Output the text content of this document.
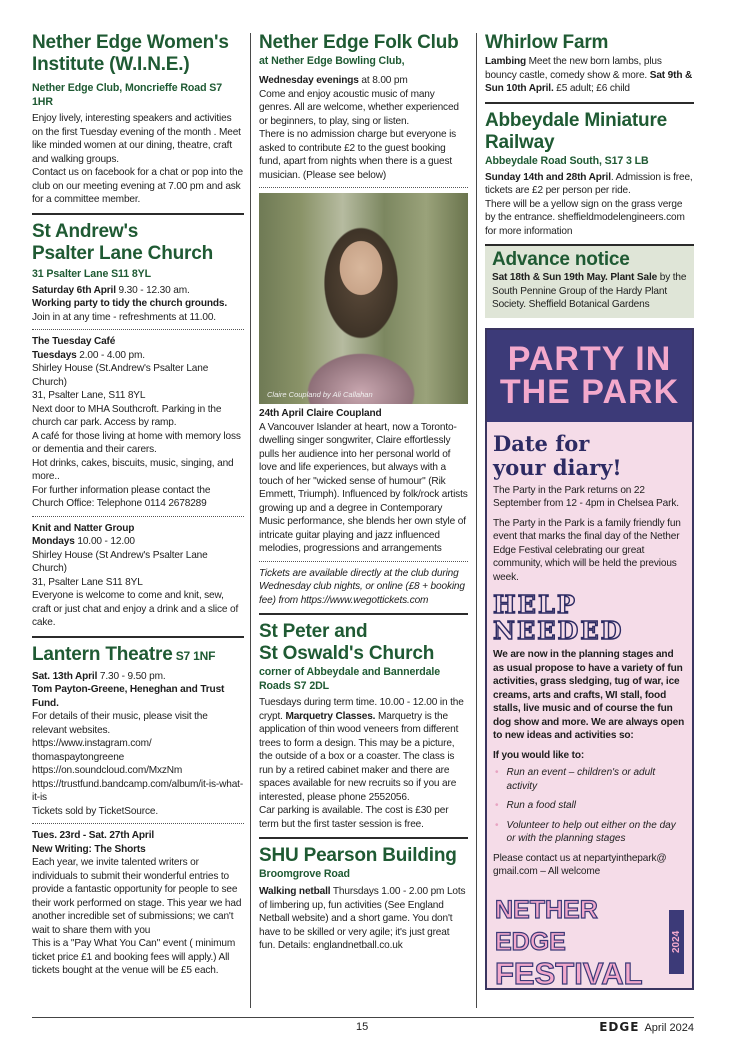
Nether Edge Women's Institute (W.I.N.E.)
Nether Edge Club, Moncrieffe Road S7 1HR
Enjoy lively, interesting speakers and activities on the first Tuesday evening of the month . Meet like minded women at our dining, theatre, craft and walking groups.
Contact us on facebook for a chat or pop into the club on our meeting evening at 7.00 pm and ask for a committee member.
St Andrew's
Psalter Lane Church
31 Psalter Lane S11 8YL
Saturday 6th April 9.30 - 12.30 am.
Working party to tidy the church grounds.
Join in at any time - refreshments at 11.00.
The Tuesday Café
Tuesdays 2.00 - 4.00 pm.
Shirley House (St.Andrew's Psalter Lane Church)
31, Psalter Lane, S11 8YL
Next door to MHA Southcroft. Parking in the church car park. Access by ramp.
A café for those living at home with memory loss or dementia and their carers.
Hot drinks, cakes, biscuits, music, singing, and more..
For further information please contact the Church Office: Telephone 0114 2678289
Knit and Natter Group
Mondays 10.00 - 12.00
Shirley House (St Andrew's Psalter Lane Church)
31, Psalter Lane S11 8YL
Everyone is welcome to come and knit, sew, craft or just chat and enjoy a drink and a slice of cake.
Lantern Theatre S7 1NF
Sat. 13th April 7.30 - 9.50 pm.
Tom Payton-Greene, Heneghan and Trust Fund.
For details of their music, please visit the relevant websites.
https://www.instagram.com/ thomaspaytongreene
https://on.soundcloud.com/MxzNm
https://trustfund.bandcamp.com/album/it-is-what-it-is
Tickets sold by TicketSource.
Tues. 23rd - Sat. 27th April
New Writing: The Shorts
Each year, we invite talented writers or individuals to submit their wonderful entries to provide a fantastic opportunity for people to see their work performed on stage. This year we had another incredible set of submissions; we can't wait to share them with you
This is a "Pay What You Can" event ( minimum ticket price £1 and booking fees will apply.) All tickets bought at the venue will be £5 each.
Nether Edge Folk Club
at Nether Edge Bowling Club,
Wednesday evenings at 8.00 pm
Come and enjoy acoustic music of many genres. All are welcome, whether experienced or beginners, to play, sing or listen.
There is no admission charge but everyone is asked to contribute £2 to the guest booking fund, apart from nights when there is a guest musician. (Please see below)
Claire Coupland by Ali Callahan
24th April Claire Coupland
A Vancouver Islander at heart, now a Toronto-dwelling singer songwriter, Claire effortlessly pulls her audience into her personal world of love and life experiences, but always with a touch of her "wicked sense of humour" (Rik Emmett, Triumph). Influenced by folk/rock artists growing up and a degree in Contemporary Music performance, she blends her own style of intricate guitar playing and jazz influenced melodies, progressions and arrangements
Tickets are available directly at the club during Wednesday club nights, or online (£8 + booking fee) from https://www.wegottickets.com
St Peter and
St Oswald's Church
corner of Abbeydale and Bannerdale Roads S7 2DL
Tuesdays during term time. 10.00 - 12.00 in the crypt. Marquetry Classes. Marquetry is the application of thin wood veneers from different trees to form a design. This may be a picture, the outside of a box or a coaster. The class is run by a retired cabinet maker and there are spaces available for new recruits so if you are interested, please phone 2552056.
Car parking is available. The cost is £30 per term but the first taster session is free.
SHU Pearson Building
Broomgrove Road
Walking netball Thursdays 1.00 - 2.00 pm Lots of limbering up, fun activities (See England Netball website) and a short game. You don't have to be skilled or very agile; it's just great fun. Details: englandnetball.co.uk
Whirlow Farm
Lambing Meet the new born lambs, plus bouncy castle, comedy show & more. Sat 9th & Sun 10th April. £5 adult; £6 child
Abbeydale Miniature Railway
Abbeydale Road South, S17 3 LB
Sunday 14th and 28th April. Admission is free, tickets are £2 per person per ride.
There will be a yellow sign on the grass verge by the entrance. sheffieldmodelengineers.com for more information
Advance notice
Sat 18th & Sun 19th May. Plant Sale by the South Pennine Group of the Hardy Plant Society. Sheffield Botanical Gardens
PARTY IN
THE PARK
Date for
your diary!
The Party in the Park returns on 22 September from 12 - 4pm in Chelsea Park.
The Party in the Park is a family friendly fun event that marks the final day of the Nether Edge Festival celebrating our great community, which will be held the previous week.
HELP
NEEDED
We are now in the planning stages and as usual propose to have a variety of fun activities, grass sledging, tug of war, ice creams, arts and crafts, WI stall, food stalls, live music and of course the fun dog show and more. We are always open to new ideas and activities so:
If you would like to:
• Run an event – children's or adult activity
• Run a food stall
• Volunteer to help out either on the day or with the planning stages
Please contact us at nepartyinthepark@ gmail.com – All welcome
NETHER EDGE
FESTIVAL
2024
15	EDGE April 2024
